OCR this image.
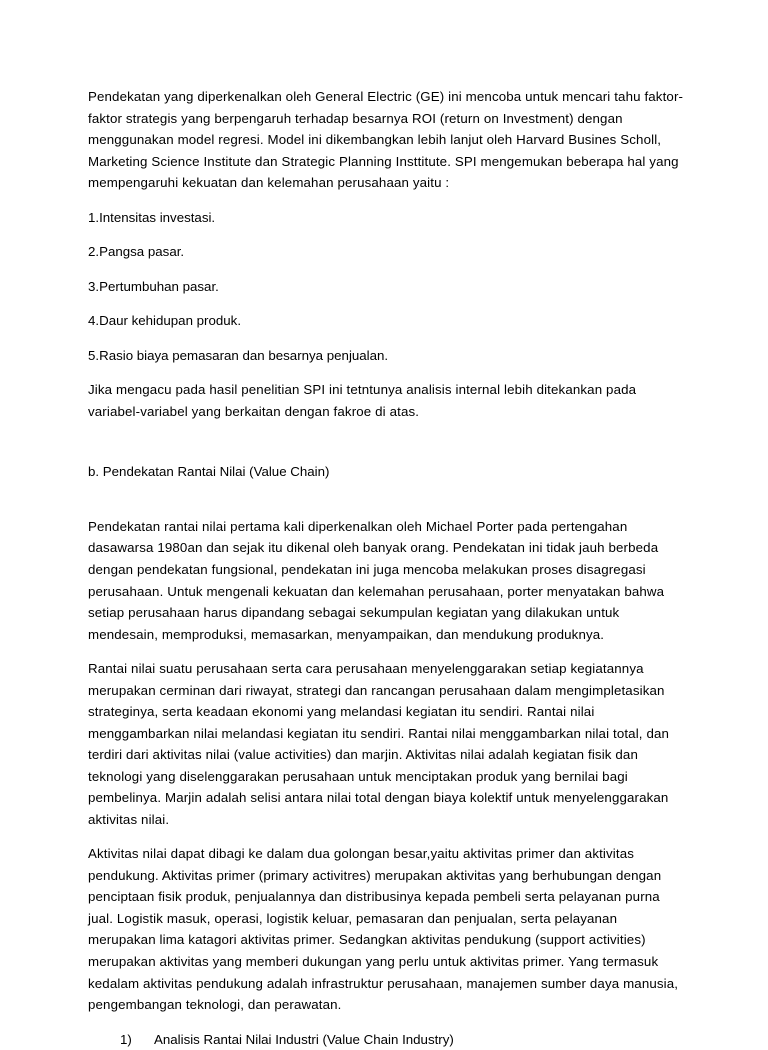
Pendekatan yang diperkenalkan oleh General Electric (GE) ini mencoba untuk mencari tahu faktor-faktor strategis yang berpengaruh terhadap besarnya ROI (return on Investment) dengan menggunakan model regresi. Model ini dikembangkan lebih lanjut oleh Harvard Busines Scholl, Marketing Science Institute dan Strategic Planning Insttitute. SPI mengemukan beberapa hal yang mempengaruhi kekuatan dan kelemahan perusahaan yaitu :

1.Intensitas investasi.

2.Pangsa pasar.

3.Pertumbuhan pasar.

4.Daur kehidupan produk.

5.Rasio biaya pemasaran dan besarnya penjualan.

Jika mengacu pada hasil penelitian SPI ini tetntunya analisis internal lebih ditekankan pada variabel-variabel yang berkaitan dengan fakroe di atas.

b. Pendekatan Rantai Nilai (Value Chain)

Pendekatan rantai nilai pertama kali diperkenalkan oleh Michael Porter pada pertengahan dasawarsa 1980an dan sejak itu dikenal oleh banyak orang. Pendekatan ini tidak jauh berbeda dengan pendekatan fungsional, pendekatan ini juga mencoba melakukan proses disagregasi perusahaan. Untuk mengenali kekuatan dan kelemahan perusahaan, porter menyatakan bahwa setiap perusahaan harus dipandang sebagai sekumpulan kegiatan yang dilakukan untuk mendesain, memproduksi, memasarkan, menyampaikan, dan mendukung produknya.

Rantai nilai suatu perusahaan serta cara perusahaan menyelenggarakan setiap kegiatannya merupakan cerminan dari riwayat, strategi dan rancangan perusahaan dalam mengimpletasikan strateginya, serta keadaan ekonomi yang melandasi kegiatan itu sendiri. Rantai nilai menggambarkan nilai melandasi kegiatan itu sendiri. Rantai nilai menggambarkan nilai total, dan terdiri dari aktivitas nilai (value activities) dan marjin. Aktivitas nilai adalah kegiatan fisik dan teknologi yang diselenggarakan perusahaan untuk menciptakan produk yang bernilai bagi pembelinya. Marjin adalah selisi antara nilai total dengan biaya kolektif untuk menyelenggarakan aktivitas nilai.

Aktivitas nilai dapat dibagi ke dalam dua golongan besar,yaitu aktivitas primer dan aktivitas pendukung. Aktivitas primer (primary activitres) merupakan aktivitas yang berhubungan dengan penciptaan fisik produk, penjualannya dan distribusinya kepada pembeli serta pelayanan purna jual. Logistik masuk, operasi, logistik keluar, pemasaran dan penjualan, serta pelayanan merupakan lima katagori aktivitas primer. Sedangkan aktivitas pendukung (support activities) merupakan aktivitas yang memberi dukungan yang perlu untuk aktivitas primer. Yang termasuk kedalam aktivitas pendukung adalah infrastruktur perusahaan, manajemen sumber daya manusia, pengembangan teknologi, dan perawatan.

1) Analisis Rantai Nilai Industri (Value Chain Industry)
